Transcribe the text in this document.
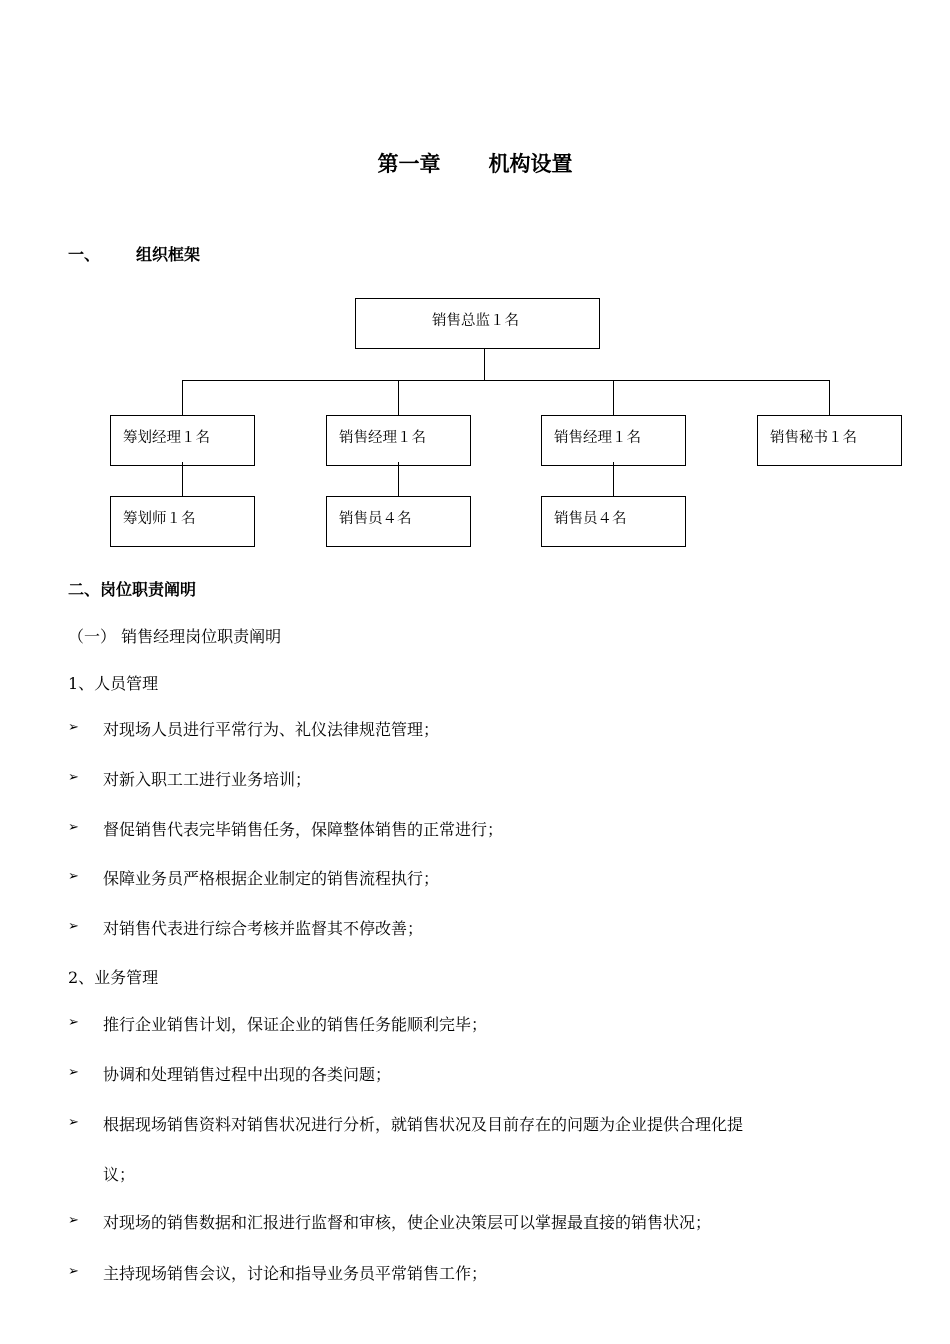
第一章 机构设置
一、 组织框架
销售总监１名
筹划经理１名	销售经理１名	销售经理１名	销售秘书１名
筹划师１名	销售员４名	销售员４名
二、岗位职责阐明
（一） 销售经理岗位职责阐明
1、人员管理
➢ 对现场人员进行平常行为、礼仪法律规范管理；
➢ 对新入职工工进行业务培训；
➢ 督促销售代表完毕销售任务，保障整体销售的正常进行；
➢ 保障业务员严格根据企业制定的销售流程执行；
➢ 对销售代表进行综合考核并监督其不停改善；
2、业务管理
➢ 推行企业销售计划，保证企业的销售任务能顺利完毕；
➢ 协调和处理销售过程中出现的各类问题；
➢ 根据现场销售资料对销售状况进行分析，就销售状况及目前存在的问题为企业提供合理化提
议；
➢ 对现场的销售数据和汇报进行监督和审核，使企业决策层可以掌握最直接的销售状况；
➢ 主持现场销售会议，讨论和指导业务员平常销售工作；
